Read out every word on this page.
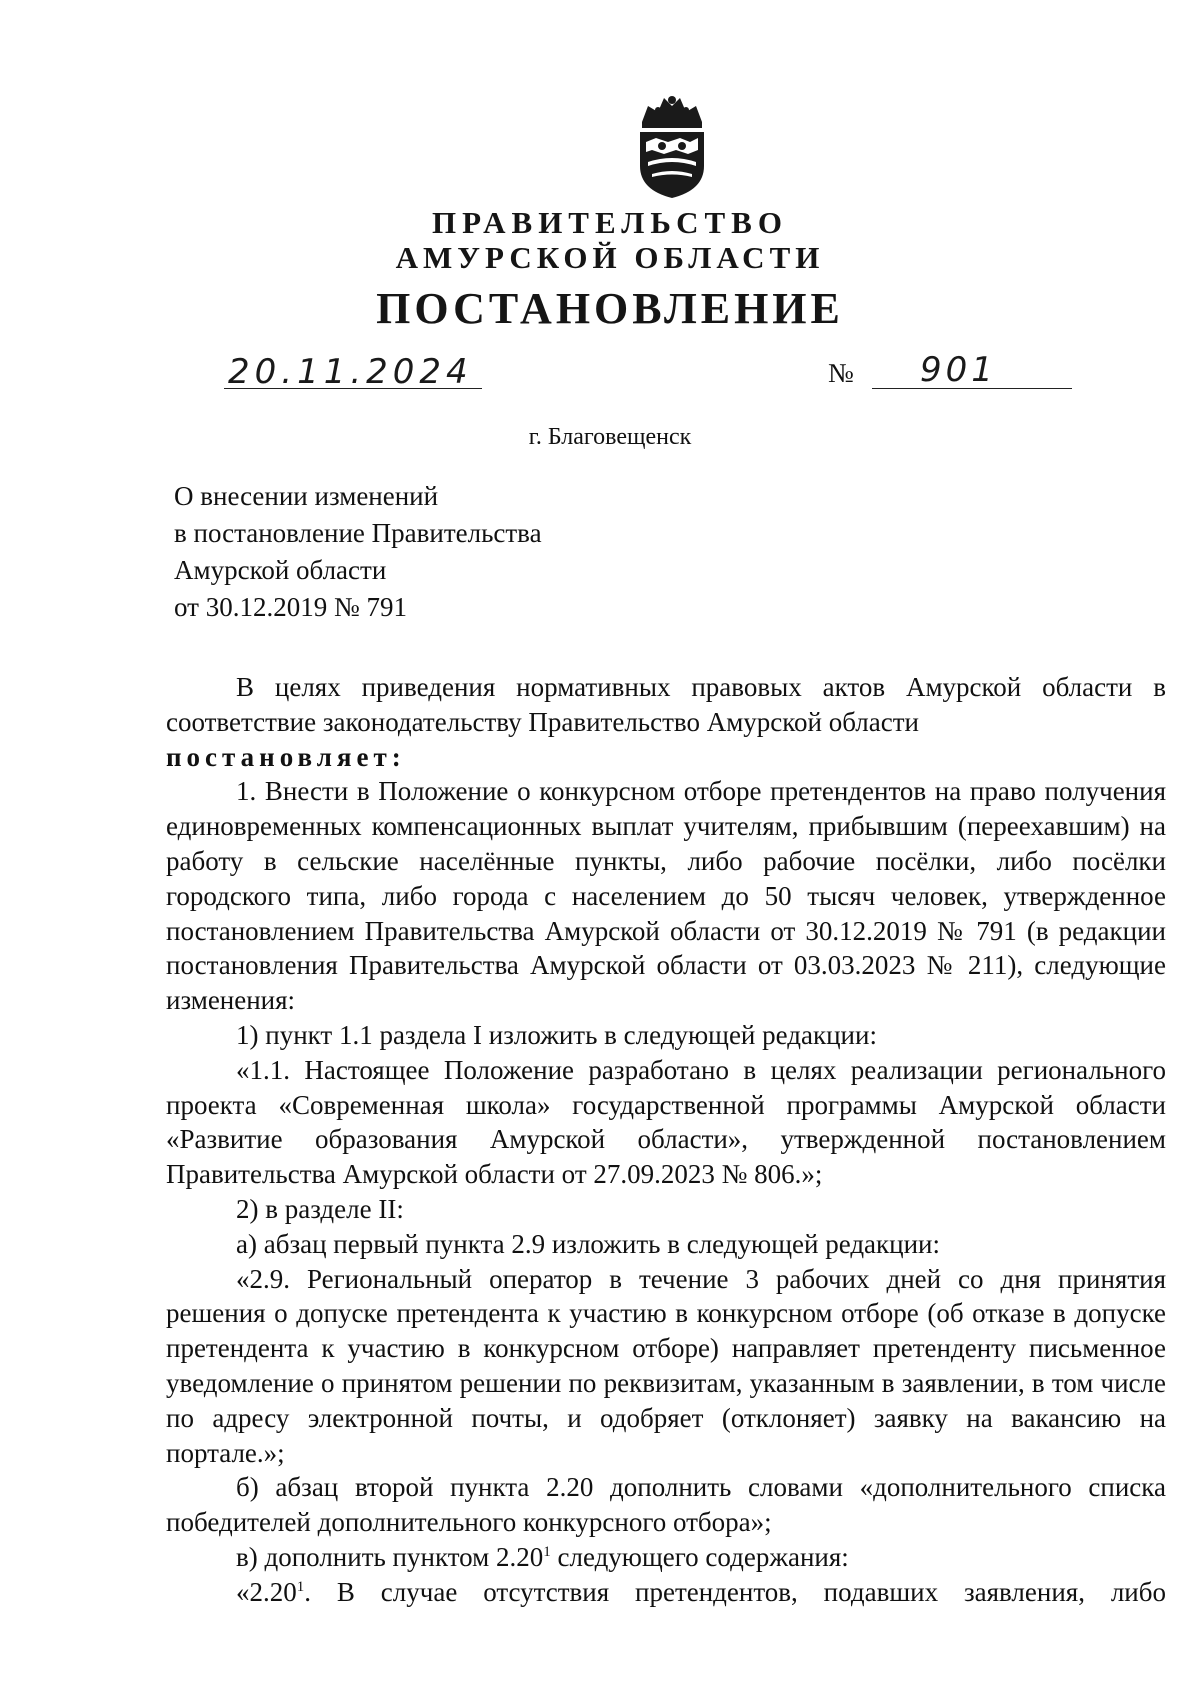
ПРАВИТЕЛЬСТВО
АМУРСКОЙ ОБЛАСТИ
ПОСТАНОВЛЕНИЕ
20.11.2024	№ 901
г. Благовещенск
О внесении изменений
в постановление Правительства
Амурской области
от 30.12.2019 № 791
В целях приведения нормативных правовых актов Амурской области в соответствие законодательству Правительство Амурской области
постановляет:
1. Внести в Положение о конкурсном отборе претендентов на право получения единовременных компенсационных выплат учителям, прибывшим (переехавшим) на работу в сельские населённые пункты, либо рабочие посёлки, либо посёлки городского типа, либо города с населением до 50 тысяч человек, утвержденное постановлением Правительства Амурской области от 30.12.2019 № 791 (в редакции постановления Правительства Амурской области от 03.03.2023 № 211), следующие изменения:
1) пункт 1.1 раздела I изложить в следующей редакции:
«1.1. Настоящее Положение разработано в целях реализации регионального проекта «Современная школа» государственной программы Амурской области «Развитие образования Амурской области», утвержденной постановлением Правительства Амурской области от 27.09.2023 № 806.»;
2) в разделе II:
а) абзац первый пункта 2.9 изложить в следующей редакции:
«2.9. Региональный оператор в течение 3 рабочих дней со дня принятия решения о допуске претендента к участию в конкурсном отборе (об отказе в допуске претендента к участию в конкурсном отборе) направляет претенденту письменное уведомление о принятом решении по реквизитам, указанным в заявлении, в том числе по адресу электронной почты, и одобряет (отклоняет) заявку на вакансию на портале.»;
б) абзац второй пункта 2.20 дополнить словами «дополнительного списка победителей дополнительного конкурсного отбора»;
в) дополнить пунктом 2.20$^1$ следующего содержания:
«2.20$^1$. В случае отсутствия претендентов, подавших заявления, либо
